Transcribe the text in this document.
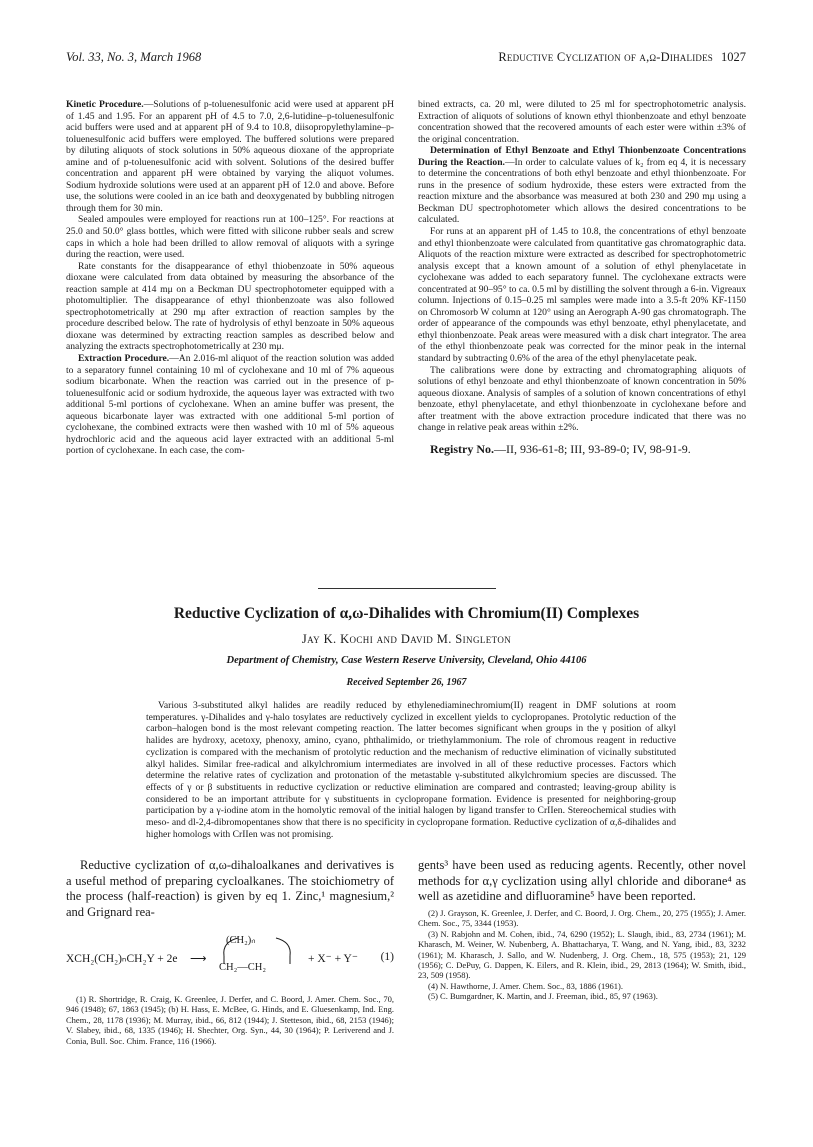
Vol. 33, No. 3, March 1968	Reductive Cyclization of α,ω-Dihalides 1027

Kinetic Procedure.—Solutions of p-toluenesulfonic acid were used at apparent pH of 1.45 and 1.95. For an apparent pH of 4.5 to 7.0, 2,6-lutidine–p-toluenesulfonic acid buffers were used and at apparent pH of 9.4 to 10.8, diisopropylethylamine–p-toluenesulfonic acid buffers were employed. The buffered solutions were prepared by diluting aliquots of stock solutions in 50% aqueous dioxane of the appropriate amine and of p-toluenesulfonic acid with solvent. Solutions of the desired buffer concentration and apparent pH were obtained by varying the aliquot volumes. Sodium hydroxide solutions were used at an apparent pH of 12.0 and above. Before use, the solutions were cooled in an ice bath and deoxygenated by bubbling nitrogen through them for 30 min.

Sealed ampoules were employed for reactions run at 100–125°. For reactions at 25.0 and 50.0° glass bottles, which were fitted with silicone rubber seals and screw caps in which a hole had been drilled to allow removal of aliquots with a syringe during the reaction, were used.

Rate constants for the disappearance of ethyl thiobenzoate in 50% aqueous dioxane were calculated from data obtained by measuring the absorbance of the reaction sample at 414 mμ on a Beckman DU spectrophotometer equipped with a photomultiplier. The disappearance of ethyl thionbenzoate was also followed spectrophotometrically at 290 mμ after extraction of reaction samples by the procedure described below. The rate of hydrolysis of ethyl benzoate in 50% aqueous dioxane was determined by extracting reaction samples as described below and analyzing the extracts spectrophotometrically at 230 mμ.

Extraction Procedure.—An 2.016-ml aliquot of the reaction solution was added to a separatory funnel containing 10 ml of cyclohexane and 10 ml of 7% aqueous sodium bicarbonate. When the reaction was carried out in the presence of p-toluenesulfonic acid or sodium hydroxide, the aqueous layer was extracted with two additional 5-ml portions of cyclohexane. When an amine buffer was present, the aqueous bicarbonate layer was extracted with one additional 5-ml portion of cyclohexane, the combined extracts were then washed with 10 ml of 5% aqueous hydrochloric acid and the aqueous acid layer extracted with an additional 5-ml portion of cyclohexane. In each case, the com-

bined extracts, ca. 20 ml, were diluted to 25 ml for spectrophotometric analysis. Extraction of aliquots of solutions of known ethyl thionbenzoate and ethyl benzoate concentration showed that the recovered amounts of each ester were within ±3% of the original concentration.

Determination of Ethyl Benzoate and Ethyl Thionbenzoate Concentrations During the Reaction.—In order to calculate values of k₂ from eq 4, it is necessary to determine the concentrations of both ethyl benzoate and ethyl thionbenzoate. For runs in the presence of sodium hydroxide, these esters were extracted from the reaction mixture and the absorbance was measured at both 230 and 290 mμ using a Beckman DU spectrophotometer which allows the desired concentrations to be calculated.

For runs at an apparent pH of 1.45 to 10.8, the concentrations of ethyl benzoate and ethyl thionbenzoate were calculated from quantitative gas chromatographic data. Aliquots of the reaction mixture were extracted as described for spectrophotometric analysis except that a known amount of a solution of ethyl phenylacetate in cyclohexane was added to each separatory funnel. The cyclohexane extracts were concentrated at 90–95° to ca. 0.5 ml by distilling the solvent through a 6-in. Vigreaux column. Injections of 0.15–0.25 ml samples were made into a 3.5-ft 20% KF-1150 on Chromosorb W column at 120° using an Aerograph A-90 gas chromatograph. The order of appearance of the compounds was ethyl benzoate, ethyl phenylacetate, and ethyl thionbenzoate. Peak areas were measured with a disk chart integrator. The area of the ethyl thionbenzoate peak was corrected for the minor peak in the internal standard by subtracting 0.6% of the area of the ethyl phenylacetate peak.

The calibrations were done by extracting and chromatographing aliquots of solutions of ethyl benzoate and ethyl thionbenzoate of known concentration in 50% aqueous dioxane. Analysis of samples of a solution of known concentrations of ethyl benzoate, ethyl phenylacetate, and ethyl thionbenzoate in cyclohexane before and after treatment with the above extraction procedure indicated that there was no change in relative peak areas within ±2%.

Registry No.—II, 936-61-8; III, 93-89-0; IV, 98-91-9.

Reductive Cyclization of α,ω-Dihalides with Chromium(II) Complexes
Jay K. Kochi and David M. Singleton
Department of Chemistry, Case Western Reserve University, Cleveland, Ohio 44106
Received September 26, 1967

Various 3-substituted alkyl halides are readily reduced by ethylenediaminechromium(II) reagent in DMF solutions at room temperatures. γ-Dihalides and γ-halo tosylates are reductively cyclized in excellent yields to cyclopropanes. Protolytic reduction of the carbon–halogen bond is the most relevant competing reaction. The latter becomes significant when groups in the γ position of alkyl halides are hydroxy, acetoxy, phenoxy, amino, cyano, phthalimido, or triethylammonium. The role of chromous reagent in reductive cyclization is compared with the mechanism of protolytic reduction and the mechanism of reductive elimination of vicinally substituted alkyl halides. Similar free-radical and alkylchromium intermediates are involved in all of these reductive processes. Factors which determine the relative rates of cyclization and protonation of the metastable γ-substituted alkylchromium species are discussed. The effects of γ or β substituents in reductive cyclization or reductive elimination are compared and contrasted; leaving-group ability is considered to be an important attribute for γ substituents in cyclopropane formation. Evidence is presented for neighboring-group participation by a γ-iodine atom in the homolytic removal of the initial halogen by ligand transfer to CrIIen. Stereochemical studies with meso- and dl-2,4-dibromopentanes show that there is no specificity in cyclopropane formation. Reductive cyclization of α,δ-dihalides and higher homologs with CrIIen was not promising.

Reductive cyclization of α,ω-dihaloalkanes and derivatives is a useful method of preparing cycloalkanes. The stoichiometry of the process (half-reaction) is given by eq 1. Zinc,¹ magnesium,² and Grignard rea-

gents³ have been used as reducing agents. Recently, other novel methods for α,γ cyclization using allyl chloride and diborane⁴ as well as azetidine and difluoramine⁵ have been reported.

XCH₂(CH₂)ₙCH₂Y + 2e ⟶
(CH₂)ₙ
CH₂—CH₂
+ X⁻ + Y⁻ (1)

(1) R. Shortridge, R. Craig, K. Greenlee, J. Derfer, and C. Boord, J. Amer. Chem. Soc., 70, 946 (1948); 67, 1863 (1945); (b) H. Hass, E. McBee, G. Hinds, and E. Gluesenkamp, Ind. Eng. Chem., 28, 1178 (1936); M. Murray, ibid., 66, 812 (1944); J. Stetteson, ibid., 68, 2153 (1946); V. Slabey, ibid., 68, 1335 (1946); H. Shechter, Org. Syn., 44, 30 (1964); P. Leriverend and J. Conia, Bull. Soc. Chim. France, 116 (1966).

(2) J. Grayson, K. Greenlee, J. Derfer, and C. Boord, J. Org. Chem., 20, 275 (1955); J. Amer. Chem. Soc., 75, 3344 (1953).

(3) N. Rabjohn and M. Cohen, ibid., 74, 6290 (1952); L. Slaugh, ibid., 83, 2734 (1961); M. Kharasch, M. Weiner, W. Nubenberg, A. Bhattacharya, T. Wang, and N. Yang, ibid., 83, 3232 (1961); M. Kharasch, J. Sallo, and W. Nudenberg, J. Org. Chem., 18, 575 (1953); 21, 129 (1956); C. DePuy, G. Dappen, K. Eilers, and R. Klein, ibid., 29, 2813 (1964); W. Smith, ibid., 23, 509 (1958).

(4) N. Hawthorne, J. Amer. Chem. Soc., 83, 1886 (1961).

(5) C. Bumgardner, K. Martin, and J. Freeman, ibid., 85, 97 (1963).
